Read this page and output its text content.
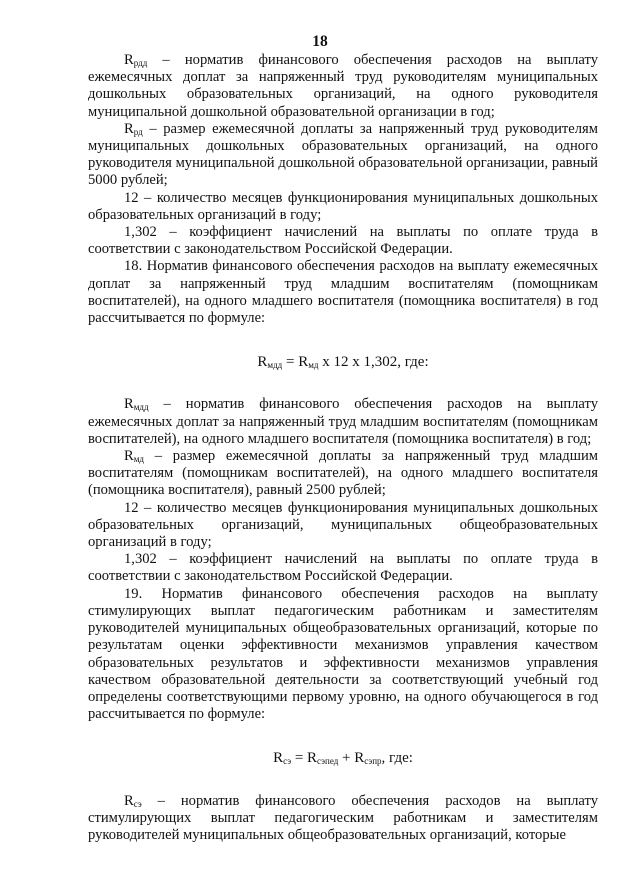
18

$R_{рдд}$ – норматив финансового обеспечения расходов на выплату ежемесячных доплат за напряженный труд руководителям муниципальных дошкольных образовательных организаций, на одного руководителя муниципальной дошкольной образовательной организации в год;

$R_{рд}$ – размер ежемесячной доплаты за напряженный труд руководителям муниципальных дошкольных образовательных организаций, на одного руководителя муниципальной дошкольной образовательной организации, равный 5000 рублей;

12 – количество месяцев функционирования муниципальных дошкольных образовательных организаций в году;

1,302 – коэффициент начислений на выплаты по оплате труда в соответствии с законодательством Российской Федерации.

18. Норматив финансового обеспечения расходов на выплату ежемесячных доплат за напряженный труд младшим воспитателям (помощникам воспитателей), на одного младшего воспитателя (помощника воспитателя) в год рассчитывается по формуле:

$R_{мдд} = R_{мд}$ x 12 x 1,302, где:

$R_{мдд}$ – норматив финансового обеспечения расходов на выплату ежемесячных доплат за напряженный труд младшим воспитателям (помощникам воспитателей), на одного младшего воспитателя (помощника воспитателя) в год;

$R_{мд}$ – размер ежемесячной доплаты за напряженный труд младшим воспитателям (помощникам воспитателей), на одного младшего воспитателя (помощника воспитателя), равный 2500 рублей;

12 – количество месяцев функционирования муниципальных дошкольных образовательных организаций, муниципальных общеобразовательных организаций в году;

1,302 – коэффициент начислений на выплаты по оплате труда в соответствии с законодательством Российской Федерации.

19. Норматив финансового обеспечения расходов на выплату стимулирующих выплат педагогическим работникам и заместителям руководителей муниципальных общеобразовательных организаций, которые по результатам оценки эффективности механизмов управления качеством образовательных результатов и эффективности механизмов управления качеством образовательной деятельности за соответствующий учебный год определены соответствующими первому уровню, на одного обучающегося в год рассчитывается по формуле:

$R_{сэ} = R_{сэпед} + R_{сэпр}$, где:

$R_{сэ}$ – норматив финансового обеспечения расходов на выплату стимулирующих выплат педагогическим работникам и заместителям руководителей муниципальных общеобразовательных организаций, которые
